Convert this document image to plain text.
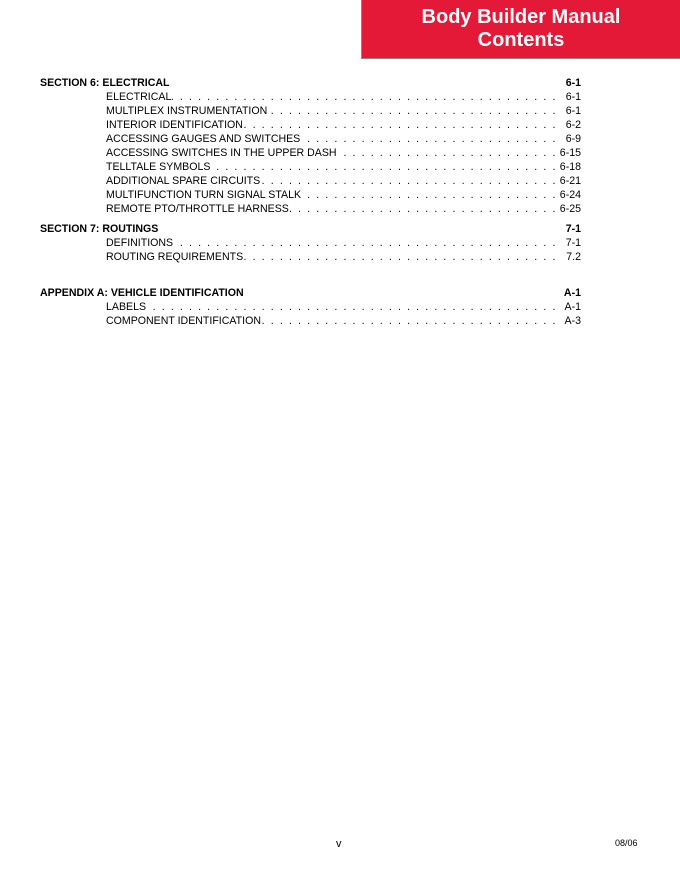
Body Builder Manual
Contents
SECTION 6: ELECTRICAL	6-1
ELECTRICAL . . .	6-1
MULTIPLEX INSTRUMENTATION . . .	6-1
INTERIOR IDENTIFICATION . . .	6-2
ACCESSING GAUGES AND SWITCHES . . .	6-9
ACCESSING SWITCHES IN THE UPPER DASH . . .	6-15
TELLTALE SYMBOLS . . .	6-18
ADDITIONAL SPARE CIRCUITS . . .	6-21
MULTIFUNCTION TURN SIGNAL STALK . . .	6-24
REMOTE PTO/THROTTLE HARNESS . . .	6-25
SECTION 7: ROUTINGS	7-1
DEFINITIONS . . .	7-1
ROUTING REQUIREMENTS . . .	7.2
APPENDIX A: VEHICLE IDENTIFICATION	A-1
LABELS . . .	A-1
COMPONENT IDENTIFICATION . . .	A-3
v	08/06
